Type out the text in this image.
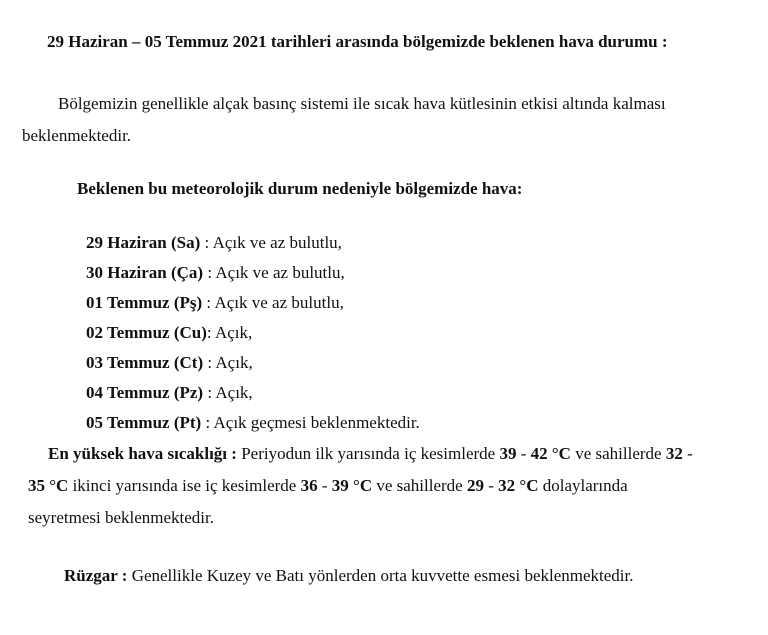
29 Haziran – 05 Temmuz 2021 tarihleri arasında bölgemizde beklenen hava durumu :
Bölgemizin genellikle alçak basınç sistemi ile sıcak hava kütlesinin etkisi altında kalması
beklenmektedir.
Beklenen bu meteorolojik durum nedeniyle bölgemizde hava:
29 Haziran (Sa) : Açık ve az bulutlu,
30 Haziran (Ça) : Açık ve az bulutlu,
01 Temmuz (Pş) : Açık ve az bulutlu,
02 Temmuz (Cu): Açık,
03 Temmuz (Ct) : Açık,
04 Temmuz (Pz) : Açık,
05 Temmuz (Pt) : Açık geçmesi beklenmektedir.
En yüksek hava sıcaklığı : Periyodun ilk yarısında iç kesimlerde 39 - 42 °C ve sahillerde 32 -
35 °C ikinci yarısında ise iç kesimlerde 36 - 39 °C ve sahillerde 29 - 32 °C dolaylarında
seyretmesi beklenmektedir.
Rüzgar : Genellikle Kuzey ve Batı yönlerden orta kuvvette esmesi beklenmektedir.
